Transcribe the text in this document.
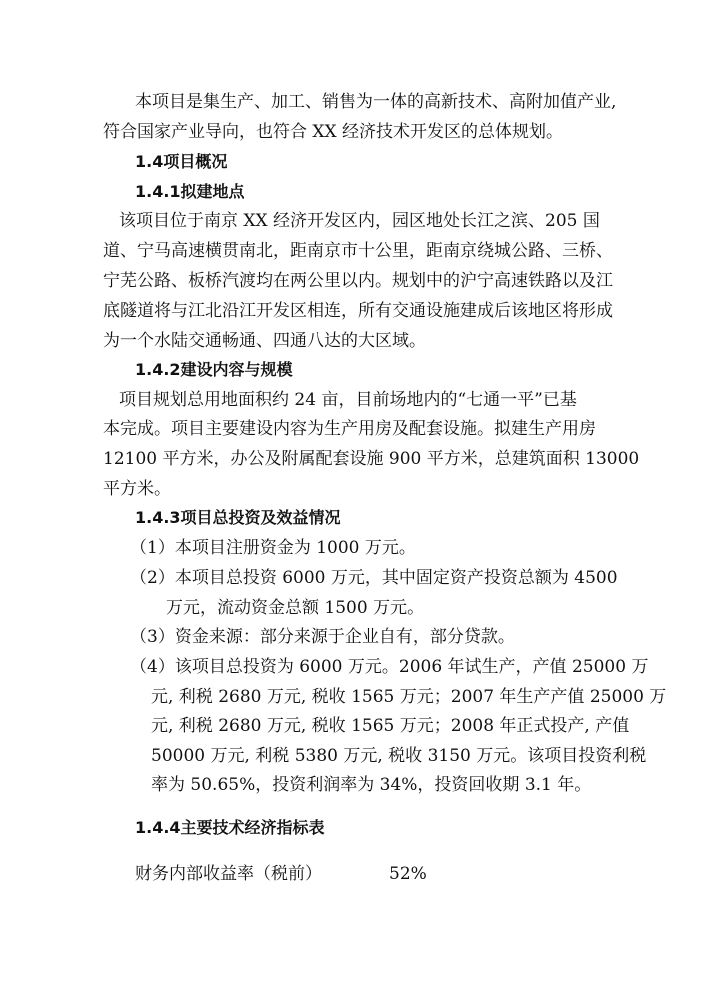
本项目是集生产、加工、销售为一体的高新技术、高附加值产业,
符合国家产业导向，也符合 XX 经济技术开发区的总体规划。
1.4项目概况
1.4.1拟建地点
该项目位于南京 XX 经济开发区内，园区地处长江之滨、205 国
道、宁马高速横贯南北，距南京市十公里，距南京绕城公路、三桥、
宁芜公路、板桥汽渡均在两公里以内。规划中的沪宁高速铁路以及江
底隧道将与江北沿江开发区相连，所有交通设施建成后该地区将形成
为一个水陆交通畅通、四通八达的大区域。
1.4.2建设内容与规模
项目规划总用地面积约 24 亩，目前场地内的“七通一平”已基
本完成。项目主要建设内容为生产用房及配套设施。拟建生产用房
12100 平方米，办公及附属配套设施 900 平方米，总建筑面积 13000
平方米。
1.4.3项目总投资及效益情况
（1）本项目注册资金为 1000 万元。
（2）本项目总投资 6000 万元，其中固定资产投资总额为 4500
万元，流动资金总额 1500 万元。
（3）资金来源：部分来源于企业自有，部分贷款。
（4）该项目总投资为 6000 万元。2006 年试生产，产值 25000 万
元, 利税 2680 万元, 税收 1565 万元；2007 年生产产值 25000 万
元, 利税 2680 万元, 税收 1565 万元；2008 年正式投产, 产值
50000 万元, 利税 5380 万元, 税收 3150 万元。该项目投资利税
率为 50.65%，投资利润率为 34%，投资回收期 3.1 年。
1.4.4主要技术经济指标表
财务内部收益率（税前）	52%
